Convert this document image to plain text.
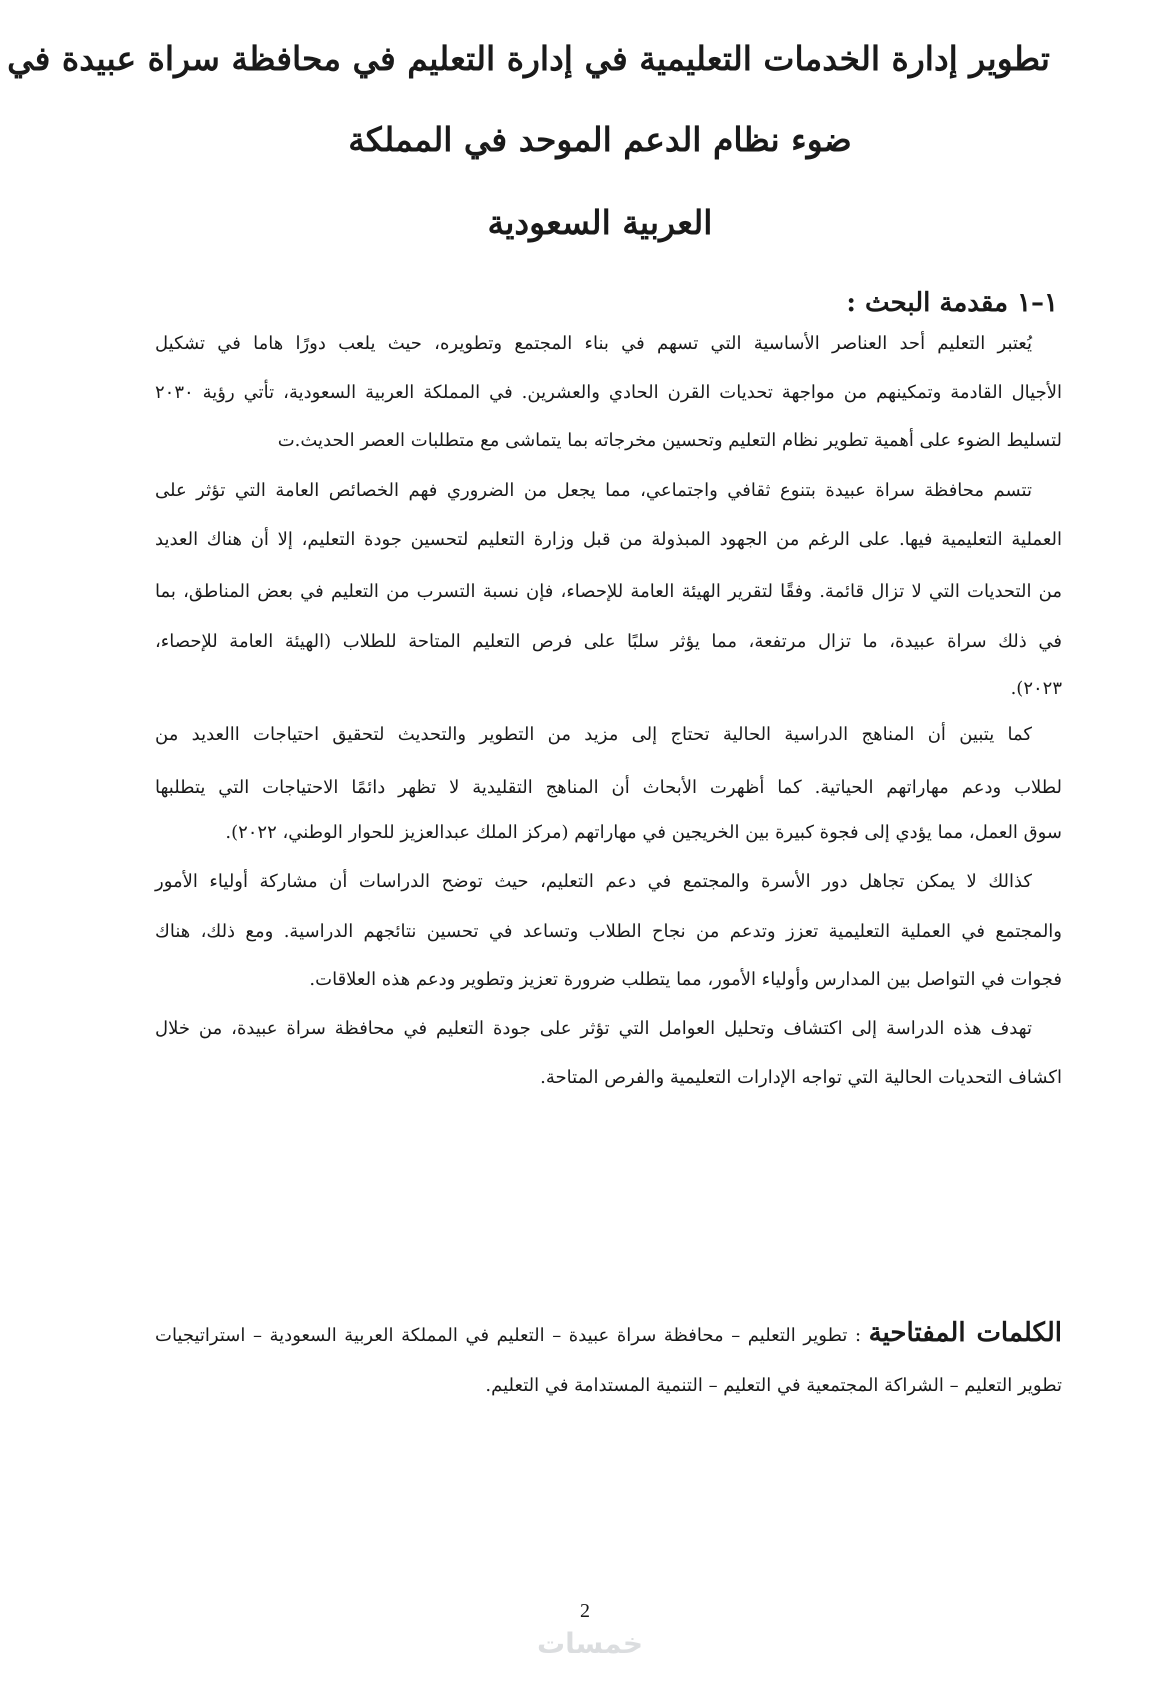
تطوير إدارة الخدمات التعليمية في إدارة التعليم في محافظة سراة عبيدة في
ضوء نظام الدعم الموحد في المملكة
العربية السعودية
١–١ مقدمة البحث :

يُعتبر التعليم أحد العناصر الأساسية التي تسهم في بناء المجتمع وتطويره، حيث يلعب دورًا هاما في تشكيل

الأجيال القادمة وتمكينهم من مواجهة تحديات القرن الحادي والعشرين. في المملكة العربية السعودية، تأتي رؤية ٢٠٣٠

لتسليط الضوء على أهمية تطوير نظام التعليم وتحسين مخرجاته بما يتماشى مع متطلبات العصر الحديث.ت

تتسم محافظة سراة عبيدة بتنوع ثقافي واجتماعي، مما يجعل من الضروري فهم الخصائص العامة التي تؤثر على

العملية التعليمية فيها. على الرغم من الجهود المبذولة من قبل وزارة التعليم لتحسين جودة التعليم، إلا أن هناك العديد

من التحديات التي لا تزال قائمة. وفقًا لتقرير الهيئة العامة للإحصاء، فإن نسبة التسرب من التعليم في بعض المناطق، بما

في ذلك سراة عبيدة، ما تزال مرتفعة، مما يؤثر سلبًا على فرص التعليم المتاحة للطلاب (الهيئة العامة للإحصاء،

٢٠٢٣).

كما يتبين أن المناهج الدراسية الحالية تحتاج إلى مزيد من التطوير والتحديث لتحقيق احتياجات االعديد من

لطلاب ودعم مهاراتهم الحياتية. كما أظهرت الأبحاث أن المناهج التقليدية لا تظهر دائمًا الاحتياجات التي يتطلبها

سوق العمل، مما يؤدي إلى فجوة كبيرة بين الخريجين في مهاراتهم (مركز الملك عبدالعزيز للحوار الوطني، ٢٠٢٢).

كذالك لا يمكن تجاهل دور الأسرة والمجتمع في دعم التعليم، حيث توضح الدراسات أن مشاركة أولياء الأمور

والمجتمع في العملية التعليمية تعزز وتدعم من نجاح الطلاب وتساعد في تحسين نتائجهم الدراسية. ومع ذلك، هناك

فجوات في التواصل بين المدارس وأولياء الأمور، مما يتطلب ضرورة تعزيز وتطوير ودعم هذه العلاقات.

تهدف هذه الدراسة إلى اكتشاف وتحليل العوامل التي تؤثر على جودة التعليم في محافظة سراة عبيدة، من خلال

اكشاف التحديات الحالية التي تواجه الإدارات التعليمية والفرص المتاحة.

الكلمات المفتاحية : تطوير التعليم – محافظة سراة عبيدة – التعليم في المملكة العربية السعودية – استراتيجيات

تطوير التعليم – الشراكة المجتمعية في التعليم – التنمية المستدامة في التعليم.

2
خمسات
